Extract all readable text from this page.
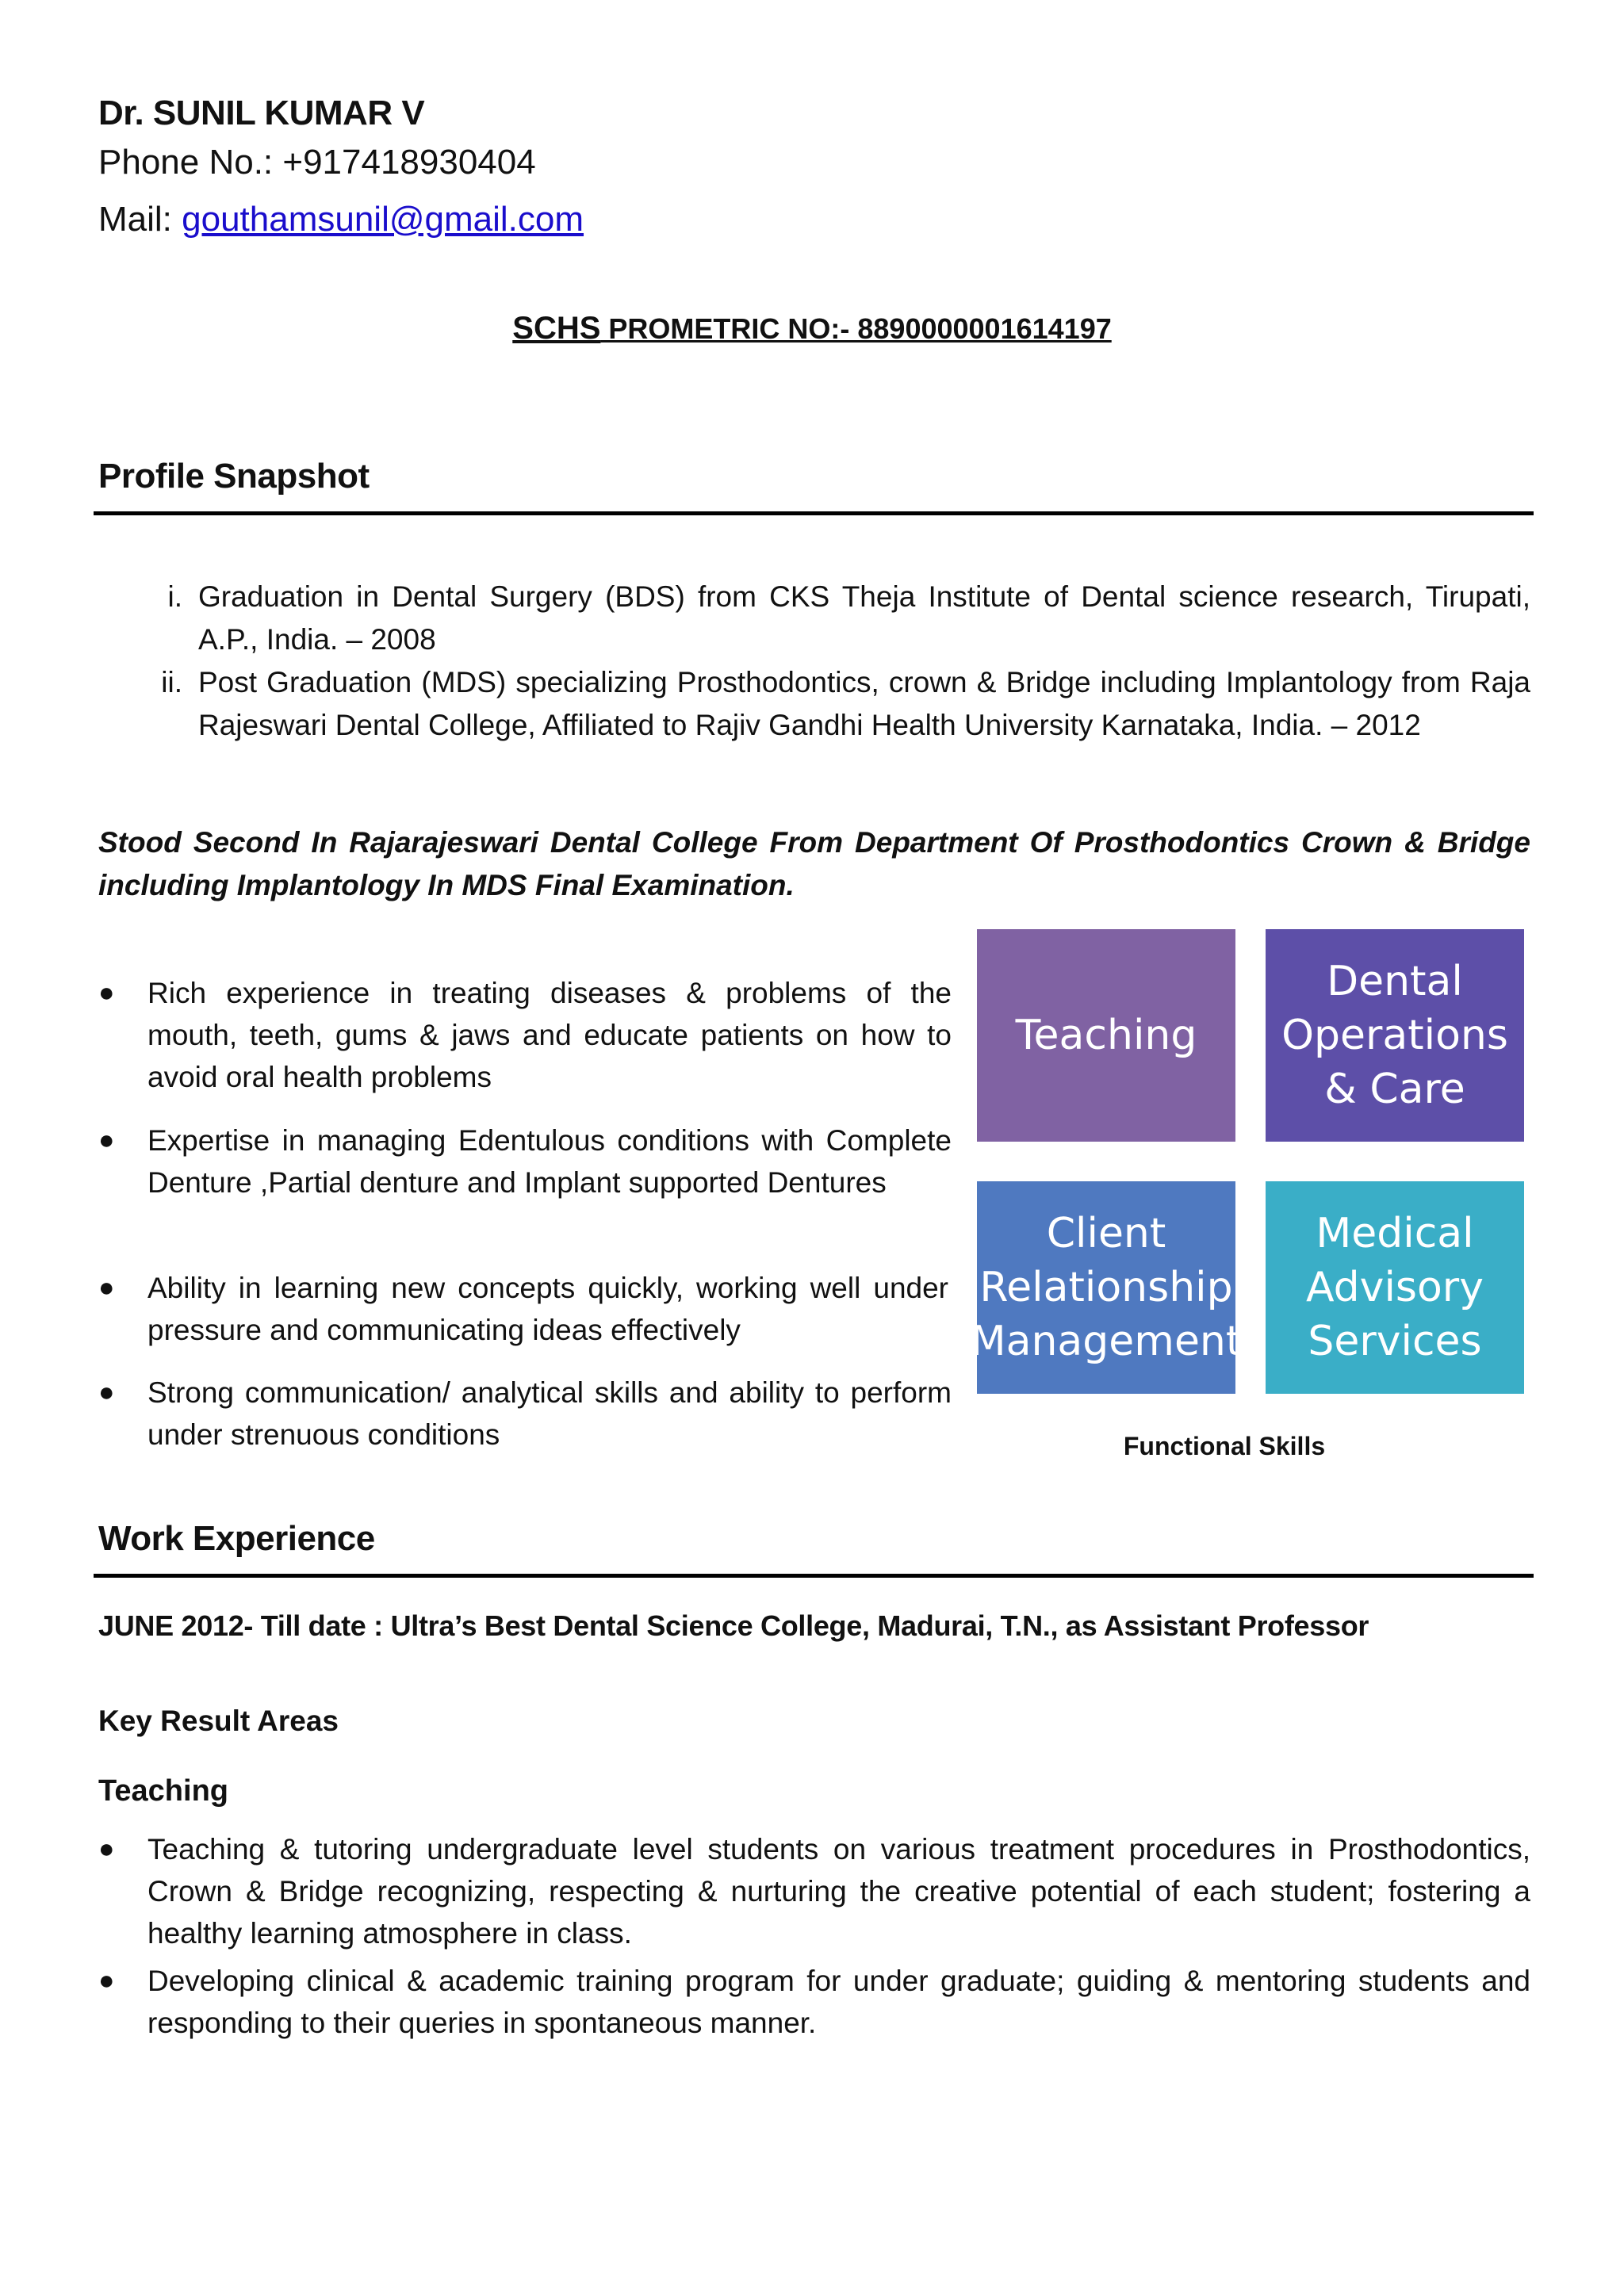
Dr. SUNIL KUMAR V
Phone No.: +917418930404
Mail: gouthamsunil@gmail.com
SCHS PROMETRIC NO:- 8890000001614197
Profile Snapshot
i. Graduation in Dental Surgery (BDS) from CKS Theja Institute of Dental science research, Tirupati, A.P., India. – 2008
ii. Post Graduation (MDS) specializing Prosthodontics, crown & Bridge including Implantology from Raja Rajeswari Dental College, Affiliated to Rajiv Gandhi Health University Karnataka, India. – 2012
Stood Second In Rajarajeswari Dental College From Department Of Prosthodontics Crown & Bridge including Implantology In MDS Final Examination.
● Rich experience in treating diseases & problems of the mouth, teeth, gums & jaws and educate patients on how to avoid oral health problems
● Expertise in managing Edentulous conditions with Complete Denture ,Partial denture and Implant supported Dentures
● Ability in learning new concepts quickly, working well under pressure and communicating ideas effectively
● Strong communication/ analytical skills and ability to perform under strenuous conditions
Teaching
Dental Operations & Care
Client Relationship Management
Medical Advisory Services
Functional Skills
Work Experience
JUNE 2012- Till date : Ultra’s Best Dental Science College, Madurai, T.N., as Assistant Professor
Key Result Areas
Teaching
● Teaching & tutoring undergraduate level students on various treatment procedures in Prosthodontics, Crown & Bridge recognizing, respecting & nurturing the creative potential of each student; fostering a healthy learning atmosphere in class.
● Developing clinical & academic training program for under graduate; guiding & mentoring students and responding to their queries in spontaneous manner.
